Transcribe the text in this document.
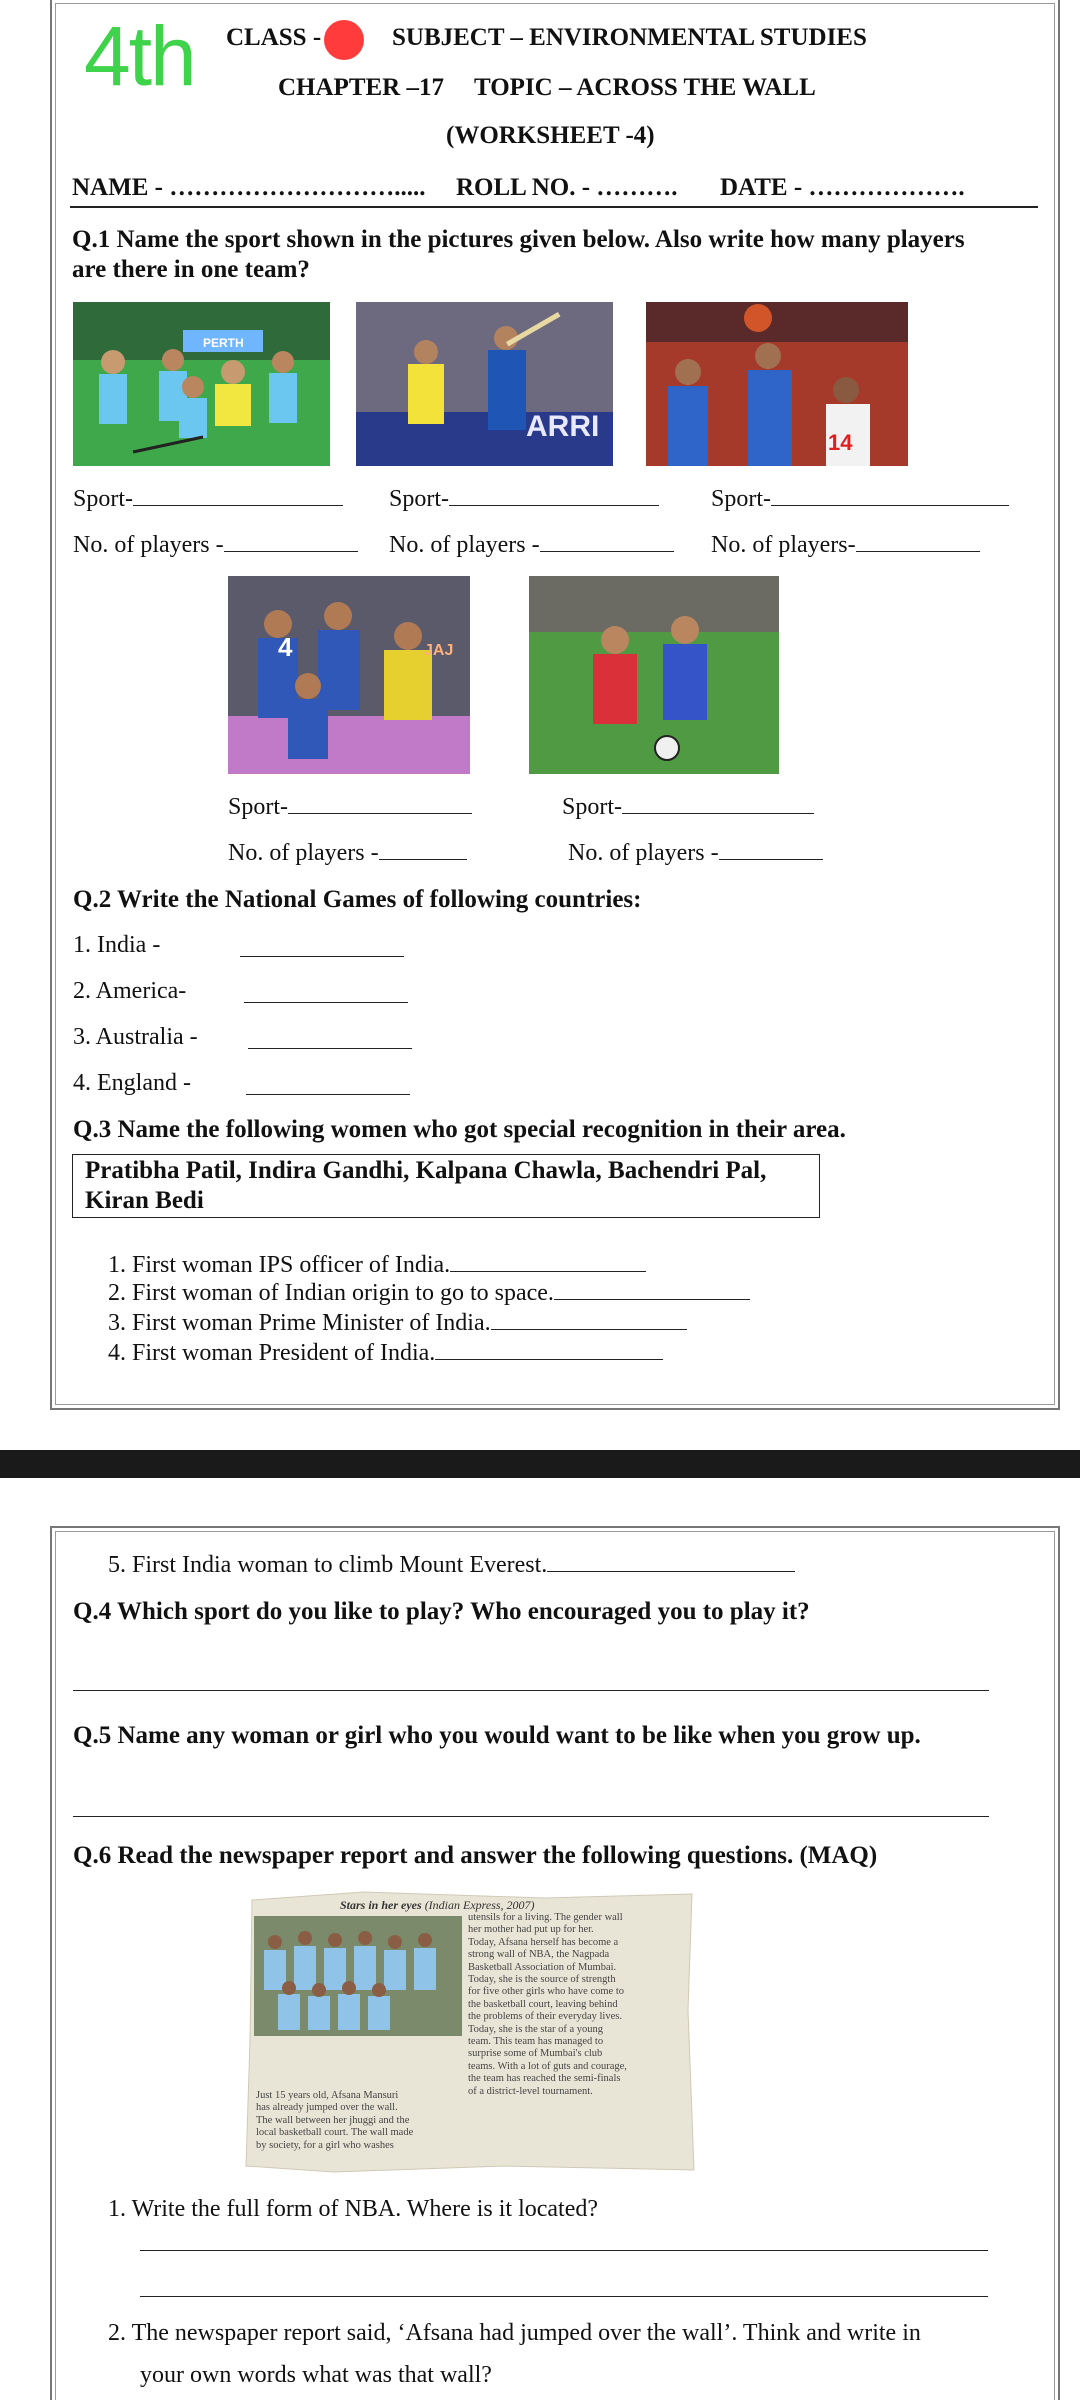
4th CLASS -	SUBJECT – ENVIRONMENTAL STUDIES
CHAPTER –17 TOPIC – ACROSS THE WALL
(WORKSHEET -4)
NAME - ………………………..... ROLL NO. - ………. DATE - ……………….
Q.1 Name the sport shown in the pictures given below. Also write how many players
are there in one team?
PERTH
ARRI	14
Sport-	Sport-	Sport-
No. of players -	No. of players -	No. of players-
4	JAJ
Sport-	Sport-
No. of players -	No. of players -
Q.2 Write the National Games of following countries:
1. India -
2. America-
3. Australia -
4. England -
Q.3 Name the following women who got special recognition in their area.
Pratibha Patil, Indira Gandhi, Kalpana Chawla, Bachendri Pal,
Kiran Bedi
1. First woman IPS officer of India.
2. First woman of Indian origin to go to space.
3. First woman Prime Minister of India.
4. First woman President of India.
5. First India woman to climb Mount Everest.
Q.4 Which sport do you like to play? Who encouraged you to play it?
Q.5 Name any woman or girl who you would want to be like when you grow up.
Q.6 Read the newspaper report and answer the following questions. (MAQ)
Stars in her eyes (Indian Express, 2007)
utensils for a living. The gender wall
her mother had put up for her.
Today, Afsana herself has become a
strong wall of NBA, the Nagpada
Basketball Association of Mumbai.
Today, she is the source of strength
for five other girls who have come to
the basketball court, leaving behind
the problems of their everyday lives.
Today, she is the star of a young
team. This team has managed to
surprise some of Mumbai's club
teams. With a lot of guts and courage,
the team has reached the semi-finals
of a district-level tournament.
Just 15 years old, Afsana Mansuri
has already jumped over the wall.
The wall between her jhuggi and the
local basketball court. The wall made
by society, for a girl who washes
1. Write the full form of NBA. Where is it located?
2. The newspaper report said, ‘Afsana had jumped over the wall’. Think and write in
your own words what was that wall?
